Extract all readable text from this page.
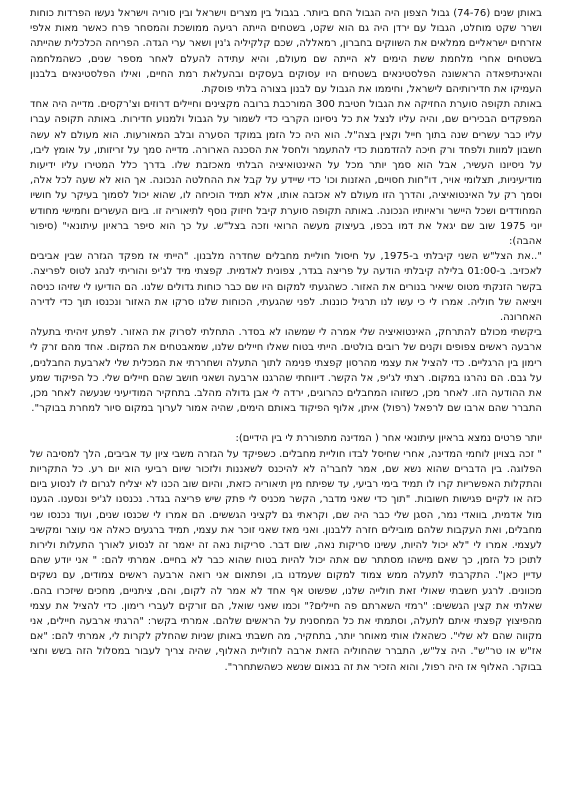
באותן שנים (74-76) גבול הצפון היה הגבול החם ביותר. בגבול בין מצרים וישראל ובין סוריה וישראל נעשו הפרדות כוחות ושרר שקט מוחלט, הגבול עם ירדן היה גם הוא שקט, בשטחים הייתה רגיעה ממושכת והמסחר פרח כאשר מאות אלפי אזרחים ישראליים ממלאים את השווקים בחברון, רמאללה, שכם קלקיליה ג'נין ושאר ערי הגדה. הפריחה הכלכלית שהייתה בשטחים אחרי מלחמת ששת הימים לא הייתה שם מעולם, והיא עתידה להעלם לאחר מספר שנים, כשהמלחמה והאינתיפאדה הראשונה הפלסטינאים בשטחים היו עסוקים בעסקים ובהעלאת רמת החיים, ואילו הפלסטינאים בלבנון העמיקו את חדירותיהם לישראל, וחיממו את הגבול עם לבנון בצורה בלתי פוסקת.

באותה תקופה סוערת החזיקה את הגבול חטיבת 300 המורכבת ברובה מקצינים וחיילים דרוזים וצ'רקסים. מדייה היה אחד המפקדים הבכירים שם, והיה עליו לנצל את כל ניסיונו הקרבי כדי לשמור על הגבול ולמנוע חדירות. באותה תקופה עברו עליו כבר עשרים שנה בתוך חייל וקצין בצה"ל. הוא היה כל הזמן במוקד הסערה ובלב המאורעות. הוא מעולם לא עשה חשבון למוות ולפחד ורק חיכה להזדמנות כדי להתעמר ולחסל את הסכנה הארורה. מדייה סמך על זריזותו, על אומץ ליבו, על ניסיונו העשיר, אבל הוא סמך יותר מכל על האינטואיציה הבלתי מאכזבת שלו. בדרך כלל המטירו עליו ידיעות מודיעיניות, תצלומי אויר, דו"חות חסויים, האזנות וכו' כדי שיידע על קבל את ההחלטה הנכונה. אך הוא לא שעה לכל אלה, וסמך רק על האינטואיציה, והדרך הזו מעולם לא אכזבה אותו, אלא תמיד הוכיחה לו, שהוא יכול לסמוך בעיקר על חושיו המחודדים ושכל היישר וראיותיו הנכונה. באותה תקופה סוערת קיבל חיזוק נוסף לתיאוריה זו. ביום העשרים וחמישי מחודש יוני 1975 שוב שם יגאל את דמו בכפו, בעיצוק מעשה הרואי וזכה בצל"ש. על כך הוא סיפר בראיון עיתונאי" (סיפור אהבה):

"..את הצל"ש השני קיבלתי ב-1975, על חיסול חוליית מחבלים שחדרה מלבנון. "הייתי אז מפקד הגזרה שבין אביבים לאכזיב. ב-01:00 בלילה קיבלתי הודעה על פריצה בגדר, צפונית לאדמית. קפצתי מיד לג'יפ והוריתי לנהג לטוס לפריצה. בקשר הזנקתי מטוס שיאיר בנורים את האזור. כשהגעתי למקום היו שם כבר כוחות גדולים שלנו. הם הודיעו לי שזיהו כניסה ויציאה של חוליה. אמרו לי כי עשו לנו תרגיל כוננות. לפני שהגעתי, הכוחות שלנו סרקו את האזור ונכנסו תוך כדי לדירה האחרונה.

ביקשתי מכולם להתרחק, האינטואיציה שלי אמרה לי שמשהו לא בסדר. התחלתי לסרוק את האזור. לפתע זיהיתי בתעלה ארבעה ראשים צפופים וקנים של רובים בולטים. הייתי בטוח שאלו חיילים שלנו, שמאבטחים את המקום. אחד מהם זרק לי רימון בין הרגליים. כדי להציל את עצמי מהרסון קפצתי פנימה לתוך התעלה ושחררתי את המכלית שלי לארבעת החבלנים, על גבם. הם נהרגו במקום. רצתי לג'יפ, אל הקשר. דיווחתי שהרגנו ארבעה ושאני חושב שהם חיילים שלי. כל הפיקוד שמע את ההודעה הזו. לאחר מכן, כשזוהו המחבלים כהרוגים, ירדה לי אבן גדולה מהלב. בתחקיר המודיעיני שנעשה לאחר מכן, התברר שהם ארבו שם לרפאל (רפול) איתן, אלוף הפיקוד באותם הימים, שהיה אמור לערוך במקום סיור למחרת בבוקר".

יותר פרטים נמצא בראיון עיתונאי אחר ( המדינה מתפוררת לי בין הידיים):

" זכה בצויון לוחמי המדינה, אחרי שחיסל לבדו חוליית מחבלים. כשפיקד על הגזרה משבי ציון עד אביבים, הלך למסיבה של הפלוגה. בין הדברים שהוא נשא שם, אמר לחבר'ה לא להיכנס לשאננות ולזכור שיום רביעי הוא יום רע. כל התקריות והתקלות האפשריות קרו לו תמיד בימי רביעי, עד שפיתח מין תיאוריה כזאת, והיום שוב הכנו לא יצליח לגרום לו לנסוע ביום כזה או לקיים פגישות חשובות. "תוך כדי שאני מדבר, הקשר מכניס לי פתק שיש פריצה בגדר. נכנסנו לג'יפ ונסענו. הגענו מול אדמית, בוואדי נמר, הסגן שלי כבר היה שם, וקראתי גם לקציני הגששים. הם אמרו לי שכנסו שנים, ועוד נכנסו שני מחבלים, ואת העקבות שלהם מובילים חזרה ללבנון. ואני מאז שאני זוכר את עצמי, תמיד ברגעים כאלה אני עוצר ומקשיב לעצמי. אמרו לי "לא יכול להיות, עשינו סריקות נאה, שום דבר. סריקות נאה זה יאמר זה לנסוע לאורך התעלות ולירות לתוכן כל הזמן, כך שאם מישהו מסתתר שם אתה יכול להיות בטוח שהוא כבר לא בחיים. אמרתי להם: " אני יודע שהם עדיין כאן". התקרבתי לתעלה ממש צמוד למקום שעמדנו בו, ופתאום אני רואה ארבעה ראשים צמודים, עם נשקים מכוונים. לרגע חשבתי שאולי זאת חולייה שלנו, שפשוט אף אחד לא אמר לה לקום, והם, ציתניים, מחכים שיזכרו בהם. שאלתי את קצין הגששים: "רמזי השארתם פה חיילים?" וכמו שאני שואל, הם זורקים לעברי רימון. כדי להציל את עצמי מהפיצוץ קפצתי איתם לתעלה, וסתמתי את כל המחסנית על הראשים שלהם. אמרתי בקשר: "הרגתי ארבעה חיילים, אני מקווה שהם לא שלי". כשהאלו אותי מאוחר יותר, בתחקיר, מה חשבתי באותן שניות שהחלק לקרות לי, אמרתי להם: "אם אז"ש או טר"ש". היה צל"ש, התברר שהחוליה הזאת ארבה לחוליית האלוף, שהיה צריך לעבור במסלול הזה בשש וחצי בבוקר. האלוף אז היה רפול, והוא הזכיר את זה בנאום שנשא כשהשתחרר".
